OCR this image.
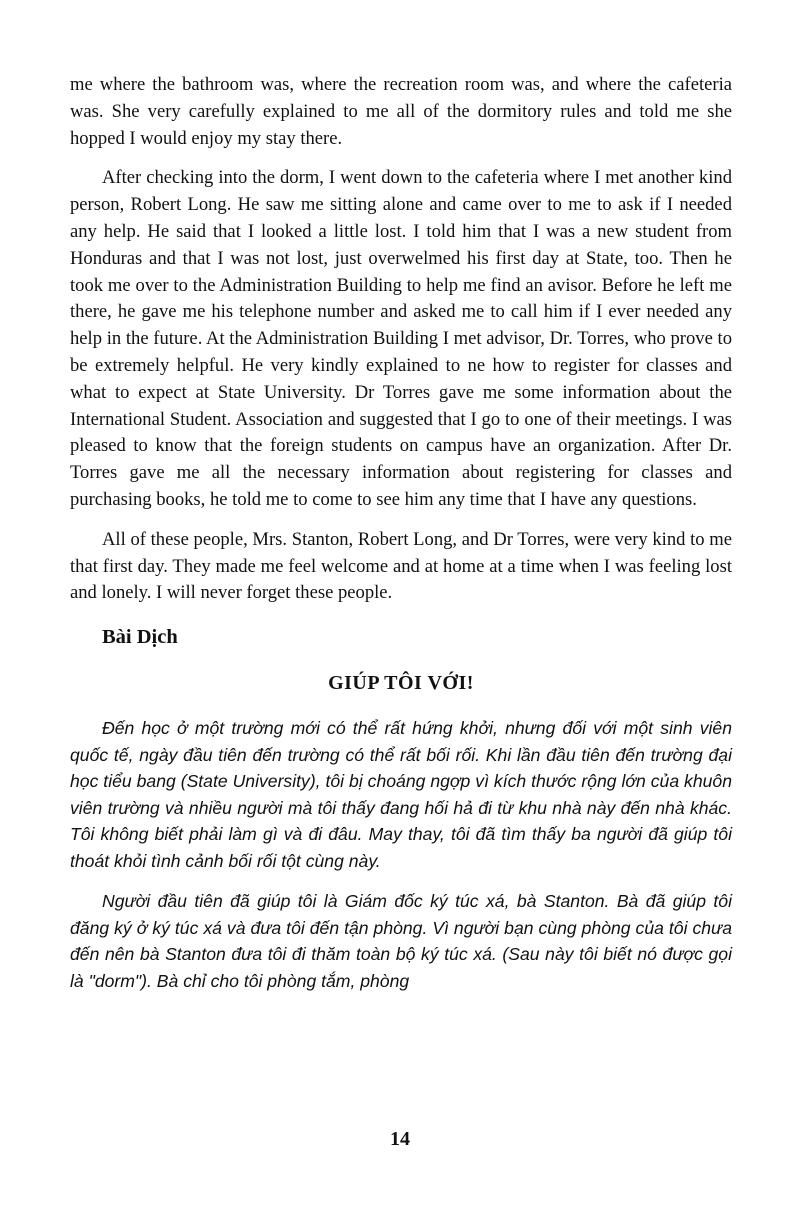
me where the bathroom was, where the recreation room was, and where the cafeteria was. She very carefully explained to me all of the dormitory rules and told me she hopped I would enjoy my stay there.

After checking into the dorm, I went down to the cafeteria where I met another kind person, Robert Long. He saw me sitting alone and came over to me to ask if I needed any help. He said that I looked a little lost. I told him that I was a new student from Honduras and that I was not lost, just overwelmed his first day at State, too. Then he took me over to the Administration Building to help me find an avisor. Before he left me there, he gave me his telephone number and asked me to call him if I ever needed any help in the future. At the Administration Building I met advisor, Dr. Torres, who prove to be extremely helpful. He very kindly explained to ne how to register for classes and what to expect at State University. Dr Torres gave me some information about the International Student. Association and suggested that I go to one of their meetings. I was pleased to know that the foreign students on campus have an organization. After Dr. Torres gave me all the necessary information about registering for classes and purchasing books, he told me to come to see him any time that I have any questions.

All of these people, Mrs. Stanton, Robert Long, and Dr Torres, were very kind to me that first day. They made me feel welcome and at home at a time when I was feeling lost and lonely. I will never forget these people.

Bài Dịch
GIÚP TÔI VỚI!

Đến học ở một trường mới có thể rất hứng khởi, nhưng đối với một sinh viên quốc tế, ngày đầu tiên đến trường có thể rất bối rối. Khi lần đầu tiên đến trường đại học tiểu bang (State University), tôi bị choáng ngợp vì kích thước rộng lớn của khuôn viên trường và nhiều người mà tôi thấy đang hối hả đi từ khu nhà này đến nhà khác. Tôi không biết phải làm gì và đi đâu. May thay, tôi đã tìm thấy ba người đã giúp tôi thoát khỏi tình cảnh bối rối tột cùng này.

Người đầu tiên đã giúp tôi là Giám đốc ký túc xá, bà Stanton. Bà đã giúp tôi đăng ký ở ký túc xá và đưa tôi đến tận phòng. Vì người bạn cùng phòng của tôi chưa đến nên bà Stanton đưa tôi đi thăm toàn bộ ký túc xá. (Sau này tôi biết nó được gọi là "dorm"). Bà chỉ cho tôi phòng tắm, phòng

14
